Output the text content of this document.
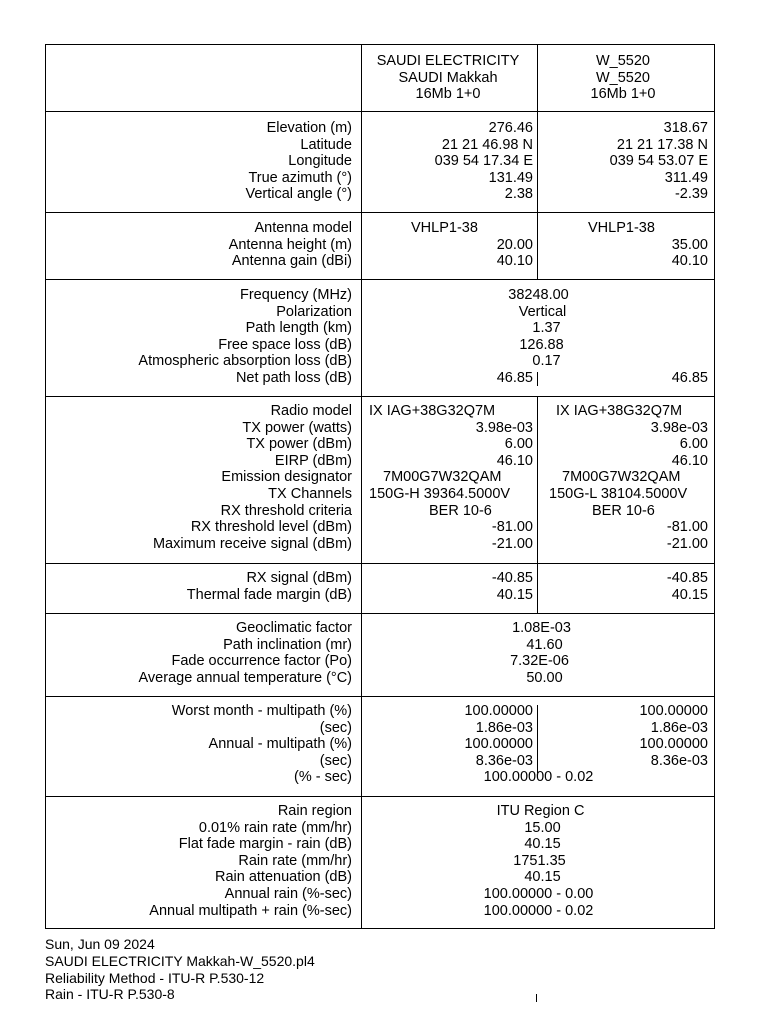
SAUDI ELECTRICITY
SAUDI Makkah
16Mb 1+0
W_5520
W_5520
16Mb 1+0
Elevation (m)
Latitude
Longitude
True azimuth (°)
Vertical angle (°)
276.46
21 21 46.98 N
039 54 17.34 E
131.49
2.38
318.67
21 21 17.38 N
039 54 53.07 E
311.49
-2.39
Antenna model
Antenna height (m)
Antenna gain (dBi)
VHLP1-38
20.00
40.10
VHLP1-38
35.00
40.10
Frequency (MHz)
Polarization
Path length (km)
Free space loss (dB)
Atmospheric absorption loss (dB)
Net path loss (dB)
38248.00
Vertical
1.37
126.88
0.17
46.85	46.85
Radio model
TX power (watts)
TX power (dBm)
EIRP (dBm)
Emission designator
TX Channels
RX threshold criteria
RX threshold level (dBm)
Maximum receive signal (dBm)
IX IAG+38G32Q7M
3.98e-03
6.00
46.10
7M00G7W32QAM
150G-H 39364.5000V
BER 10-6
-81.00
-21.00
IX IAG+38G32Q7M
3.98e-03
6.00
46.10
7M00G7W32QAM
150G-L 38104.5000V
BER 10-6
-81.00
-21.00
RX signal (dBm)
Thermal fade margin (dB)
-40.85
40.15
-40.85
40.15
Geoclimatic factor
Path inclination (mr)
Fade occurrence factor (Po)
Average annual temperature (°C)
1.08E-03
41.60
7.32E-06
50.00
Worst month - multipath (%)
(sec)
Annual - multipath (%)
(sec)
(% - sec)
100.00000
1.86e-03
100.00000
8.36e-03
100.00000
1.86e-03
100.00000
8.36e-03
100.00000 - 0.02
Rain region
0.01% rain rate (mm/hr)
Flat fade margin - rain (dB)
Rain rate (mm/hr)
Rain attenuation (dB)
Annual rain (%-sec)
Annual multipath + rain (%-sec)
ITU Region C
15.00
40.15
1751.35
40.15
100.00000 - 0.00
100.00000 - 0.02
Sun, Jun 09 2024
SAUDI ELECTRICITY Makkah-W_5520.pl4
Reliability Method - ITU-R P.530-12
Rain - ITU-R P.530-8
